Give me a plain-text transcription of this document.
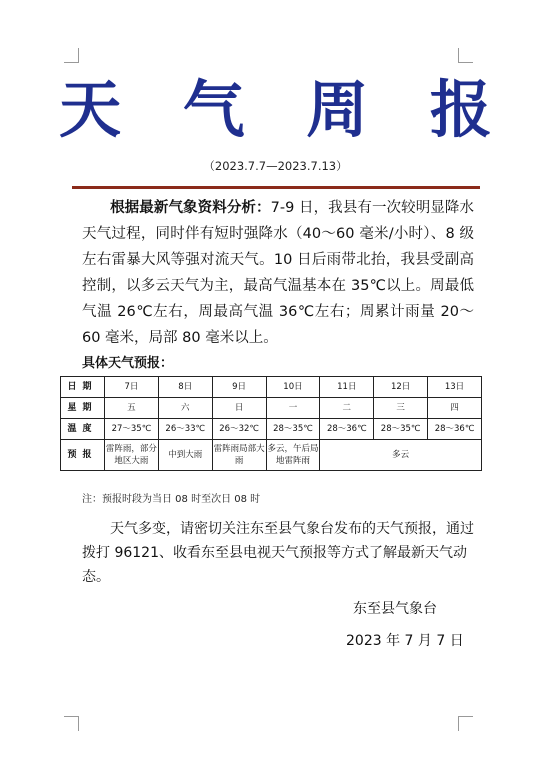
天 气 周 报
（2023.7.7—2023.7.13）
根据最新气象资料分析：7-9 日，我县有一次较明显降水天气过程，同时伴有短时强降水（40～60 毫米/小时）、8 级左右雷暴大风等强对流天气。10 日后雨带北抬，我县受副高控制，以多云天气为主，最高气温基本在 35℃以上。周最低气温 26℃左右，周最高气温 36℃左右；周累计雨量 20～60 毫米，局部 80 毫米以上。
具体天气预报：
日期	7日	8日	9日	10日	11日	12日	13日
星期	五	六	日	一	二	三	四
温度	27～35℃	26～33℃	26～32℃	28～35℃	28～36℃	28～35℃	28～36℃
预报	雷阵雨，部分地区大雨	中到大雨	雷阵雨局部大雨	多云，午后局地雷阵雨	多云		
注：预报时段为当日 08 时至次日 08 时
天气多变，请密切关注东至县气象台发布的天气预报，通过拨打 96121、收看东至县电视天气预报等方式了解最新天气动态。
东至县气象台
2023 年 7 月 7 日
